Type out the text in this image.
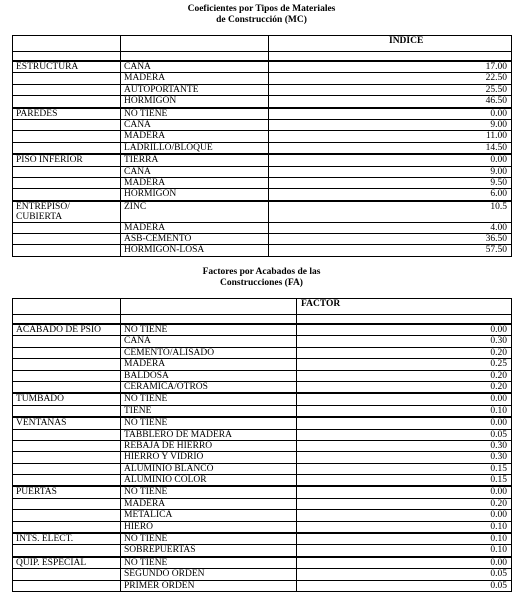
Coeficientes por Tipos de Materiales
de Construcción (MC)
		ÍNDICE

ESTRUCTURA	CAÑA	17.00
	MADERA	22.50
	AUTOPORTANTE	25.50
	HORMIGÓN	46.50
PAREDES	NO TIENE	0.00
	CAÑA	9.00
	MADERA	11.00
	LADRILLO/BLOQUE	14.50
PISO INFERIOR	TIERRA	0.00
	CAÑA	9.00
	MADERA	9.50
	HORMIGÓN	6.00
ENTREPISO/
CUBIERTA	ZINC	10.5
	MADERA	4.00
	ASB-CEMENTO	36.50
	HORMIGÓN-LOSA	57.50
Factores por Acabados de las
Construcciones (FA)
		FACTOR

ACABADO DE PSIO	NO TIENE	0.00
	CAÑA	0.30
	CEMENTO/ALISADO	0.20
	MADERA	0.25
	BALDOSA	0.20
	CERAMICA/OTROS	0.20
TUMBADO	NO TIENE	0.00
	TIENE	0.10
VENTANAS	NO TIENE	0.00
	TABBLERO DE MADERA	0.05
	REBAJA DE HIERRO	0.30
	HIERRO Y VIDRIO	0.30
	ALUMINIO BLANCO	0.15
	ALUMINIO COLOR	0.15
PUERTAS	NO TIENE	0.00
	MADERA	0.20
	METALICA	0.00
	HIERO	0.10
INTS. ELECT.	NO TIENE	0.10
	SOBREPUERTAS	0.10
QUIP. ESPECIAL	NO TIENE	0.00
	SEGUNDO ORDEN	0.05
	PRIMER ORDEN	0.05
